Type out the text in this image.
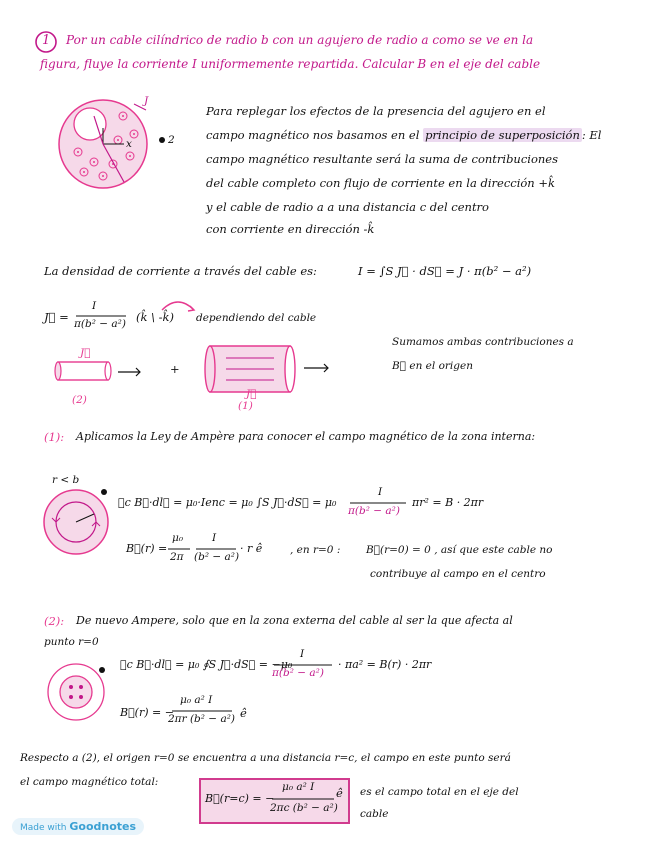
1 Por un cable cilíndrico de radio b con un agujero de radio a como se ve en la
figura, fluye la corriente I uniformemente repartida. Calcular B en el eje del cable
J
x	2
Para replegar los efectos de la presencia del agujero en el
campo magnético nos basamos en el principio de superposición : El
campo magnético resultante será la suma de contribuciones
del cable completo con flujo de corriente en la dirección +k̂
y el cable de radio a a una distancia c del centro
con corriente en dirección -k̂
La densidad de corriente a través del cable es:	I = ∫S J⃗ · dS⃗ = J · π(b² − a²)
J⃗ =
I
π(b² − a²) (k̂ \ -k̂) dependiendo del cable
J⃗
(2)
+
J⃗
(1)
Sumamos ambas contribuciones a
B⃗ en el origen
(1): Aplicamos la Ley de Ampère para conocer el campo magnético de la zona interna:
r < b
∮c B⃗·dl⃗ = μ₀·Ienc = μ₀ ∫S J⃗·dS⃗ = μ₀
I
π(b² − a²)
πr² = B · 2πr
B⃗(r) =
μ₀
2π
I
(b² − a²)
· r ê	, en r=0 : B⃗(r=0) = 0 , así que este cable no
contribuye al campo en el centro
(2): De nuevo Ampere, solo que en la zona externa del cable al ser la que afecta al
punto r=0
∮c B⃗·dl⃗ = μ₀ ∮S J⃗·dS⃗ = −μ₀
I
π(b² − a²)
· πa² = B(r) · 2πr
B⃗(r) = −
μ₀ a² I
2πr (b² − a²) ê
Respecto a (2), el origen r=0 se encuentra a una distancia r=c, el campo en este punto será
el campo magnético total:
B⃗(r=c) = −
μ₀ a² I
2πc (b² − a²)
ê es el campo total en el eje del
cable
Made with Goodnotes
